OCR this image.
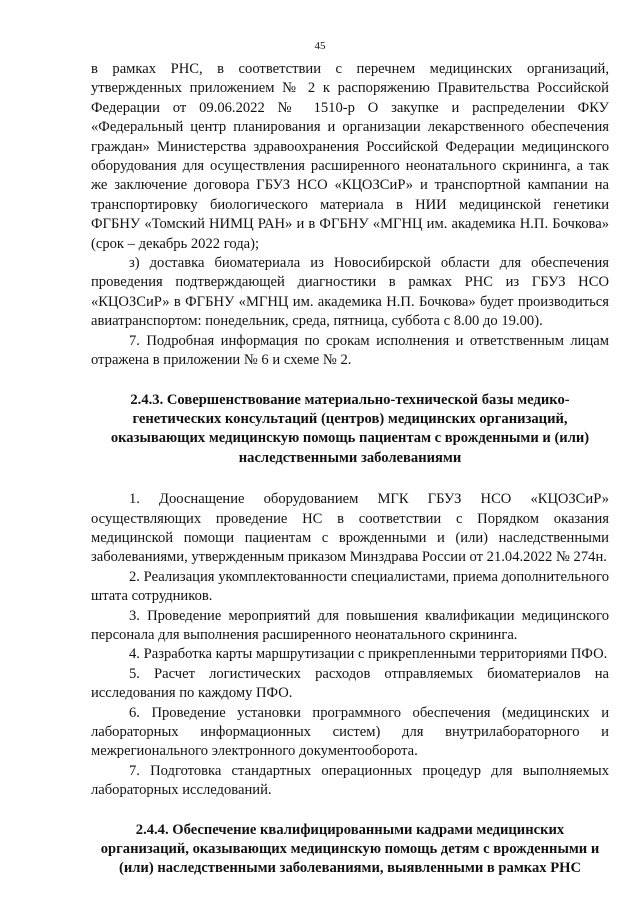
45

в рамках РНС, в соответствии с перечнем медицинских организаций, утвержденных приложением № 2 к распоряжению Правительства Российской Федерации от 09.06.2022 № 1510-р О закупке и распределении ФКУ «Федеральный центр планирования и организации лекарственного обеспечения граждан» Министерства здравоохранения Российской Федерации медицинского оборудования для осуществления расширенного неонатального скрининга, а так же заключение договора ГБУЗ НСО «КЦОЗСиР» и транспортной кампании на транспортировку биологического материала в НИИ медицинской генетики ФГБНУ «Томский НИМЦ РАН» и в ФГБНУ «МГНЦ им. академика Н.П. Бочкова» (срок – декабрь 2022 года);

з) доставка биоматериала из Новосибирской области для обеспечения проведения подтверждающей диагностики в рамках РНС из ГБУЗ НСО «КЦОЗСиР» в ФГБНУ «МГНЦ им. академика Н.П. Бочкова» будет производиться авиатранспортом: понедельник, среда, пятница, суббота с 8.00 до 19.00).

7. Подробная информация по срокам исполнения и ответственным лицам отражена в приложении № 6 и схеме № 2.

2.4.3. Совершенствование материально-технической базы медико-генетических консультаций (центров) медицинских организаций, оказывающих медицинскую помощь пациентам с врожденными и (или) наследственными заболеваниями

1. Дооснащение оборудованием МГК ГБУЗ НСО «КЦОЗСиР» осуществляющих проведение НС в соответствии с Порядком оказания медицинской помощи пациентам с врожденными и (или) наследственными заболеваниями, утвержденным приказом Минздрава России от 21.04.2022 № 274н.

2. Реализация укомплектованности специалистами, приема дополнительного штата сотрудников.

3. Проведение мероприятий для повышения квалификации медицинского персонала для выполнения расширенного неонатального скрининга.

4. Разработка карты маршрутизации с прикрепленными территориями ПФО.

5. Расчет логистических расходов отправляемых биоматериалов на исследования по каждому ПФО.

6. Проведение установки программного обеспечения (медицинских и лабораторных информационных систем) для внутрилабораторного и межрегионального электронного документооборота.

7. Подготовка стандартных операционных процедур для выполняемых лабораторных исследований.

2.4.4. Обеспечение квалифицированными кадрами медицинских организаций, оказывающих медицинскую помощь детям с врожденными и (или) наследственными заболеваниями, выявленными в рамках РНС
